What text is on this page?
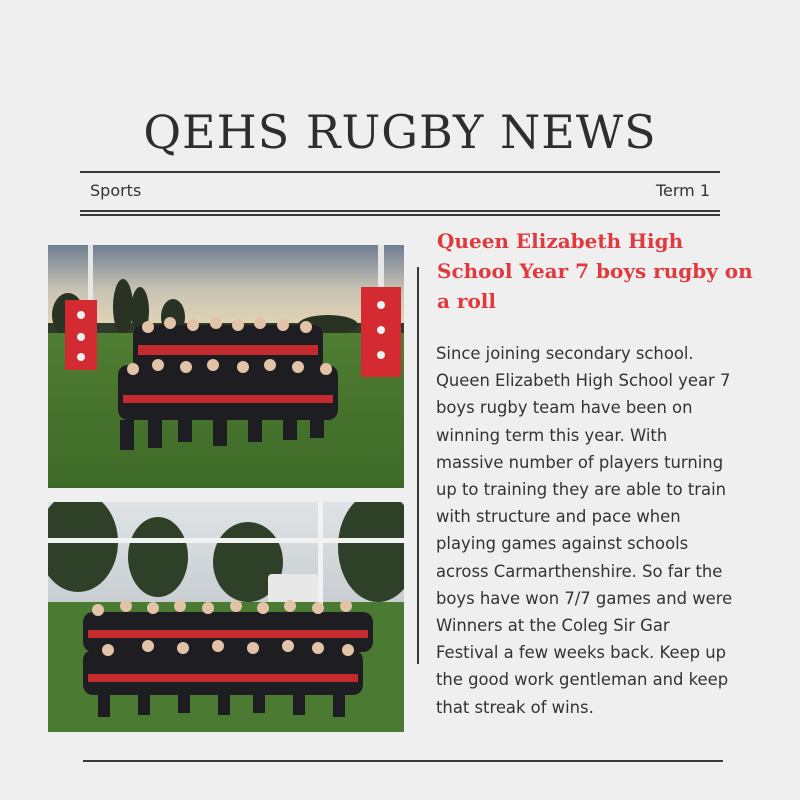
QEHS RUGBY NEWS
Sports	Term 1
Queen Elizabeth High School Year 7 boys rugby on a roll
Since joining secondary school. Queen Elizabeth High School year 7 boys rugby team have been on winning term this year. With massive number of players turning up to training they are able to train with structure and pace when playing games against schools across Carmarthenshire. So far the boys have won 7/7 games and were Winners at the Coleg Sir Gar Festival a few weeks back. Keep up the good work gentleman and keep that streak of wins.
